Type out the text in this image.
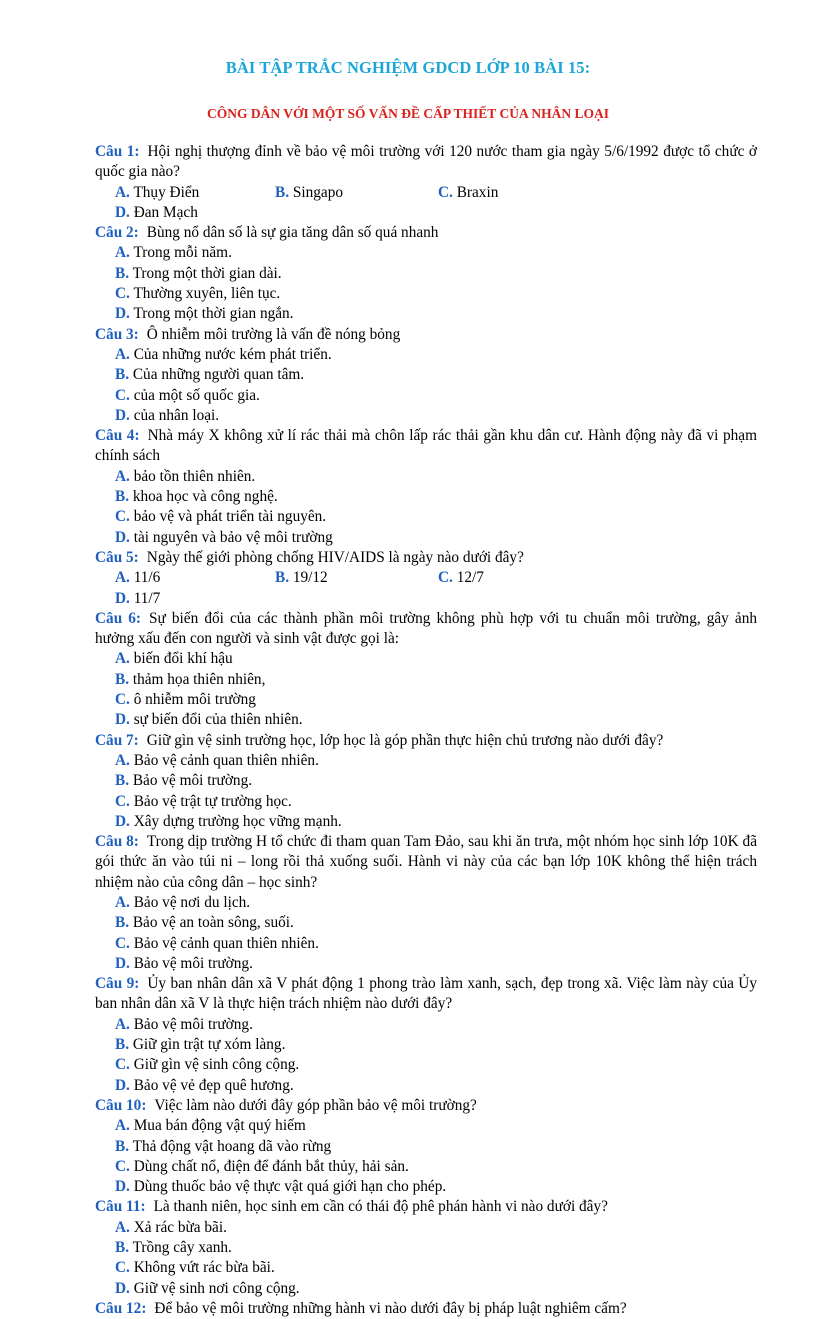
BÀI TẬP TRẮC NGHIỆM GDCD LỚP 10 BÀI 15:
CÔNG DÂN VỚI MỘT SỐ VẤN ĐỀ CẤP THIẾT CỦA NHÂN LOẠI
Câu 1: Hội nghị thượng đỉnh về bảo vệ môi trường với 120 nước tham gia ngày 5/6/1992 được tổ chức ở quốc gia nào?
A. Thụy Điển	B. Singapo	C. Braxin
D. Đan Mạch
Câu 2: Bùng nổ dân số là sự gia tăng dân số quá nhanh
A. Trong mỗi năm.
B. Trong một thời gian dài.
C. Thường xuyên, liên tục.
D. Trong một thời gian ngắn.
Câu 3: Ô nhiễm môi trường là vấn đề nóng bỏng
A. Của những nước kém phát triển.
B. Của những người quan tâm.
C. của một số quốc gia.
D. của nhân loại.
Câu 4: Nhà máy X không xử lí rác thải mà chôn lấp rác thải gần khu dân cư. Hành động này đã vi phạm chính sách
A. bảo tồn thiên nhiên.
B. khoa học và công nghệ.
C. bảo vệ và phát triển tài nguyên.
D. tài nguyên và bảo vệ môi trường
Câu 5: Ngày thế giới phòng chống HIV/AIDS là ngày nào dưới đây?
A. 11/6	B. 19/12	C. 12/7
D. 11/7
Câu 6: Sự biến đổi của các thành phần môi trường không phù hợp với tu chuẩn môi trường, gây ảnh hưởng xấu đến con người và sinh vật được gọi là:
A. biến đổi khí hậu
B. thảm họa thiên nhiên,
C. ô nhiễm môi trường
D. sự biến đổi của thiên nhiên.
Câu 7: Giữ gìn vệ sinh trường học, lớp học là góp phần thực hiện chủ trương nào dưới đây?
A. Bảo vệ cảnh quan thiên nhiên.
B. Bảo vệ môi trường.
C. Bảo vệ trật tự trường học.
D. Xây dựng trường học vững mạnh.
Câu 8: Trong dịp trường H tổ chức đi tham quan Tam Đảo, sau khi ăn trưa, một nhóm học sinh lớp 10K đã gói thức ăn vào túi ni – long rồi thả xuống suối. Hành vi này của các bạn lớp 10K không thể hiện trách nhiệm nào của công dân – học sinh?
A. Bảo vệ nơi du lịch.
B. Bảo vệ an toàn sông, suối.
C. Bảo vệ cảnh quan thiên nhiên.
D. Bảo vệ môi trường.
Câu 9: Ủy ban nhân dân xã V phát động 1 phong trào làm xanh, sạch, đẹp trong xã. Việc làm này của Ủy ban nhân dân xã V là thực hiện trách nhiệm nào dưới đây?
A. Bảo vệ môi trường.
B. Giữ gìn trật tự xóm làng.
C. Giữ gìn vệ sinh công cộng.
D. Bảo vệ vẻ đẹp quê hương.
Câu 10: Việc làm nào dưới đây góp phần bảo vệ môi trường?
A. Mua bán động vật quý hiếm
B. Thả động vật hoang dã vào rừng
C. Dùng chất nổ, điện để đánh bắt thủy, hải sản.
D. Dùng thuốc bảo vệ thực vật quá giới hạn cho phép.
Câu 11: Là thanh niên, học sinh em cần có thái độ phê phán hành vi nào dưới đây?
A. Xả rác bừa bãi.
B. Trồng cây xanh.
C. Không vứt rác bừa bãi.
D. Giữ vệ sinh nơi công cộng.
Câu 12: Để bảo vệ môi trường những hành vi nào dưới đây bị pháp luật nghiêm cấm?
